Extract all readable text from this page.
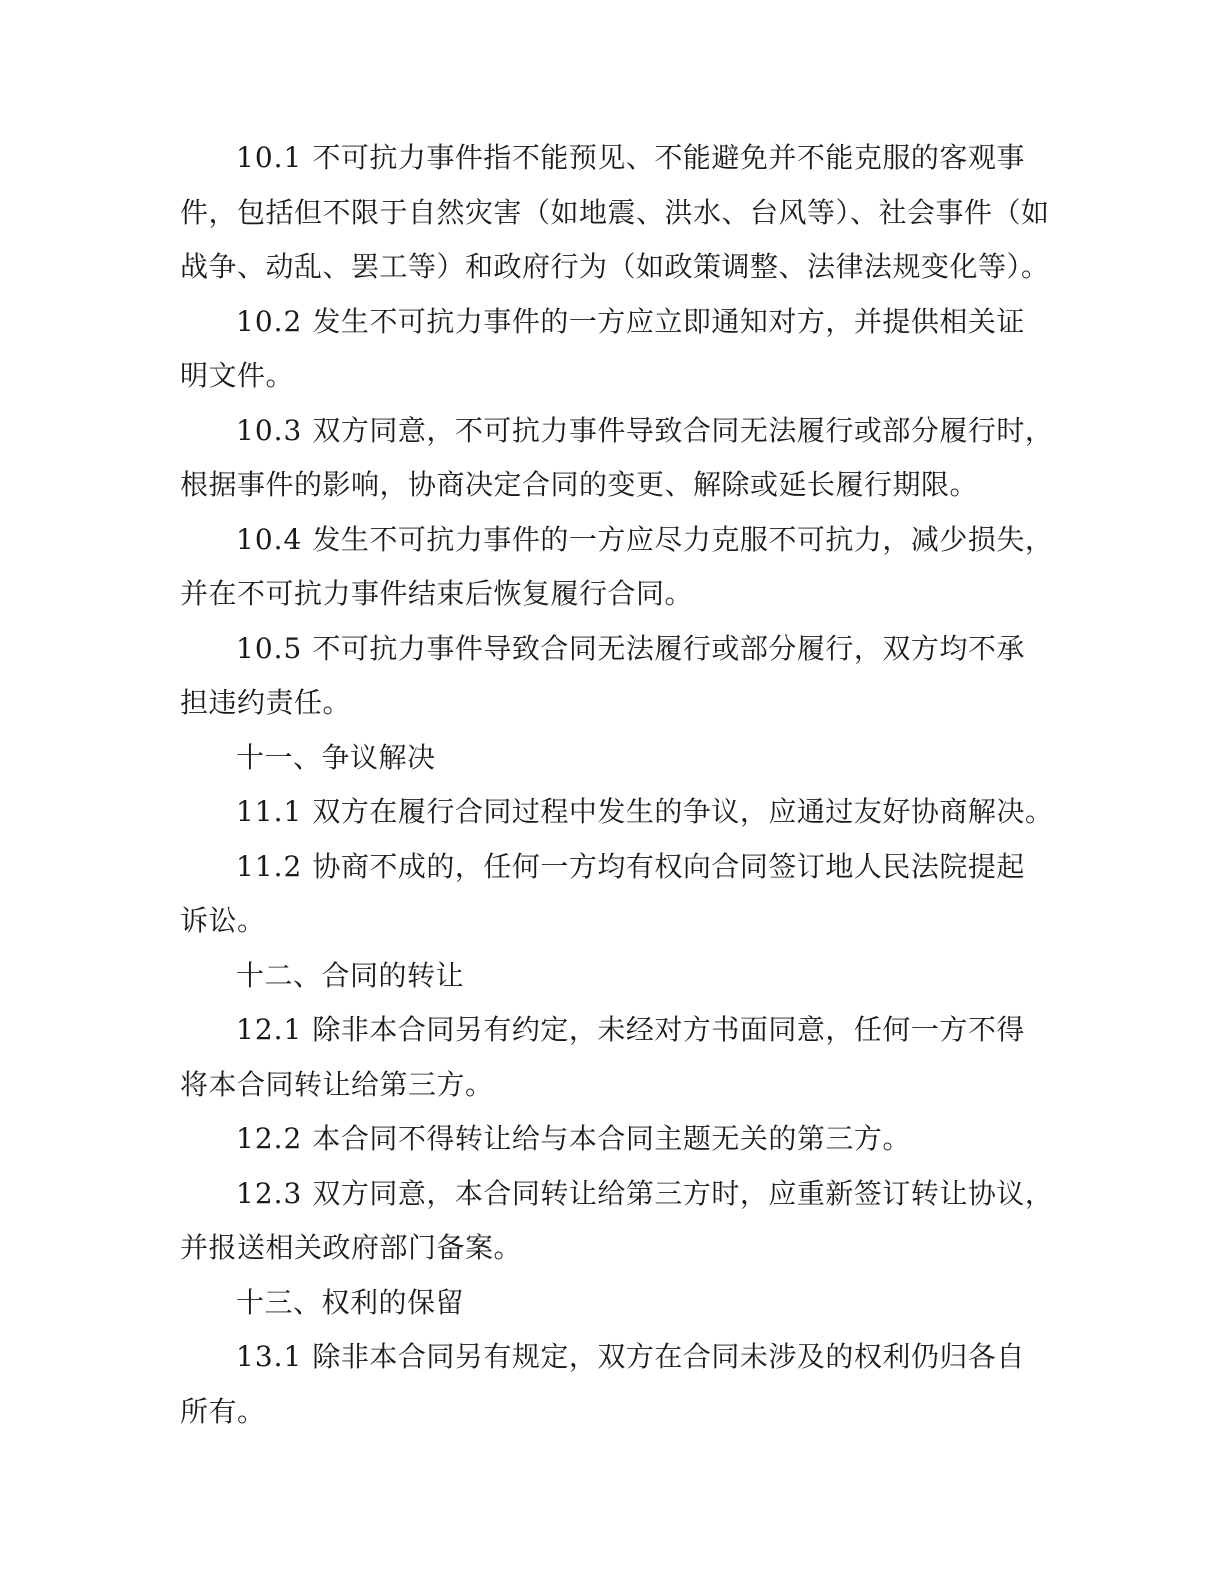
10.1 不可抗力事件指不能预见、不能避免并不能克服的客观事件，包括但不限于自然灾害（如地震、洪水、台风等）、社会事件（如战争、动乱、罢工等）和政府行为（如政策调整、法律法规变化等）。

10.2 发生不可抗力事件的一方应立即通知对方，并提供相关证明文件。

10.3 双方同意，不可抗力事件导致合同无法履行或部分履行时，根据事件的影响，协商决定合同的变更、解除或延长履行期限。

10.4 发生不可抗力事件的一方应尽力克服不可抗力，减少损失，并在不可抗力事件结束后恢复履行合同。

10.5 不可抗力事件导致合同无法履行或部分履行，双方均不承担违约责任。

十一、争议解决

11.1 双方在履行合同过程中发生的争议，应通过友好协商解决。

11.2 协商不成的，任何一方均有权向合同签订地人民法院提起诉讼。

十二、合同的转让

12.1 除非本合同另有约定，未经对方书面同意，任何一方不得将本合同转让给第三方。

12.2 本合同不得转让给与本合同主题无关的第三方。

12.3 双方同意，本合同转让给第三方时，应重新签订转让协议，并报送相关政府部门备案。

十三、权利的保留

13.1 除非本合同另有规定，双方在合同未涉及的权利仍归各自所有。
